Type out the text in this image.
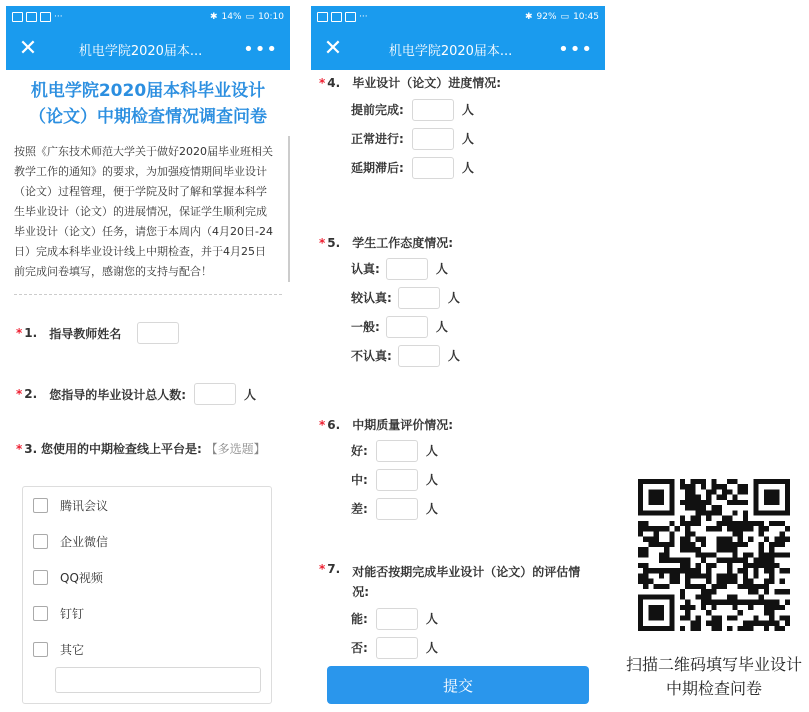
···	✱ 14% ▭ 10:10
✕	机电学院2020届本...	•••
机电学院2020届本科毕业设计（论文）中期检查情况调查问卷
按照《广东技术师范大学关于做好2020届毕业班相关教学工作的通知》的要求，为加强疫情期间毕业设计（论文）过程管理，便于学院及时了解和掌握本科学生毕业设计（论文）的进展情况，保证学生顺利完成毕业设计（论文）任务，请您于本周内（4月20日-24日）完成本科毕业设计线上中期检查，并于4月25日前完成问卷填写，感谢您的支持与配合！
* 1. 指导教师姓名
* 2. 您指导的毕业设计总人数:	人
* 3. 您使用的中期检查线上平台是: 【多选题】
腾讯会议
企业微信
QQ视频
钉钉
其它
···	✱ 92% ▭ 10:45
✕	机电学院2020届本...	•••
* 4. 毕业设计（论文）进度情况:
提前完成:	人
正常进行:	人
延期滞后:	人
* 5. 学生工作态度情况:
认真:	人
较认真:	人
一般:	人
不认真:	人
* 6. 中期质量评价情况:
好:	人
中:	人
差:	人
* 7. 对能否按期完成毕业设计（论文）的评估情况:
能:	人
否:	人
提交
扫描二维码填写毕业设计中期检查问卷
